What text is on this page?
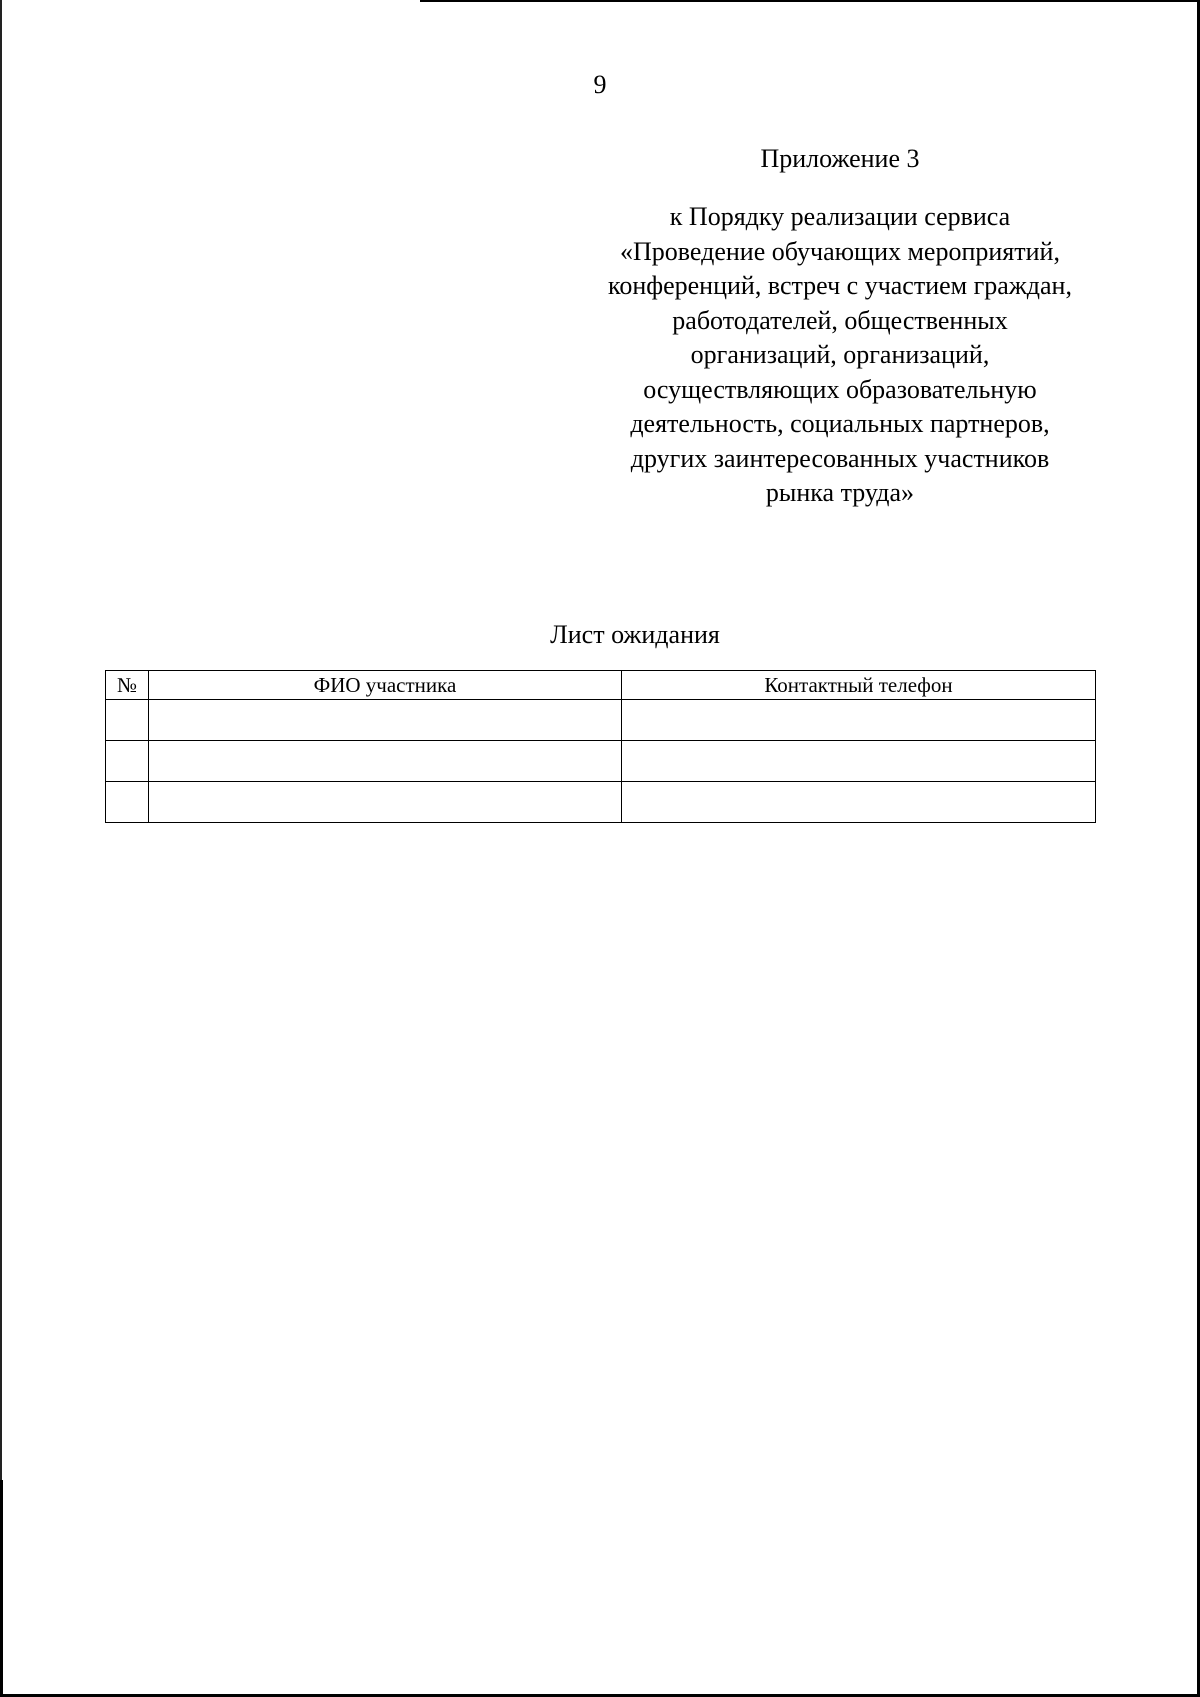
9
Приложение 3
к Порядку реализации сервиса
«Проведение обучающих мероприятий,
конференций, встреч с участием граждан,
работодателей, общественных
организаций, организаций,
осуществляющих образовательную
деятельность, социальных партнеров,
других заинтересованных участников
рынка труда»
Лист ожидания
№	ФИО участника	Контактный телефон
